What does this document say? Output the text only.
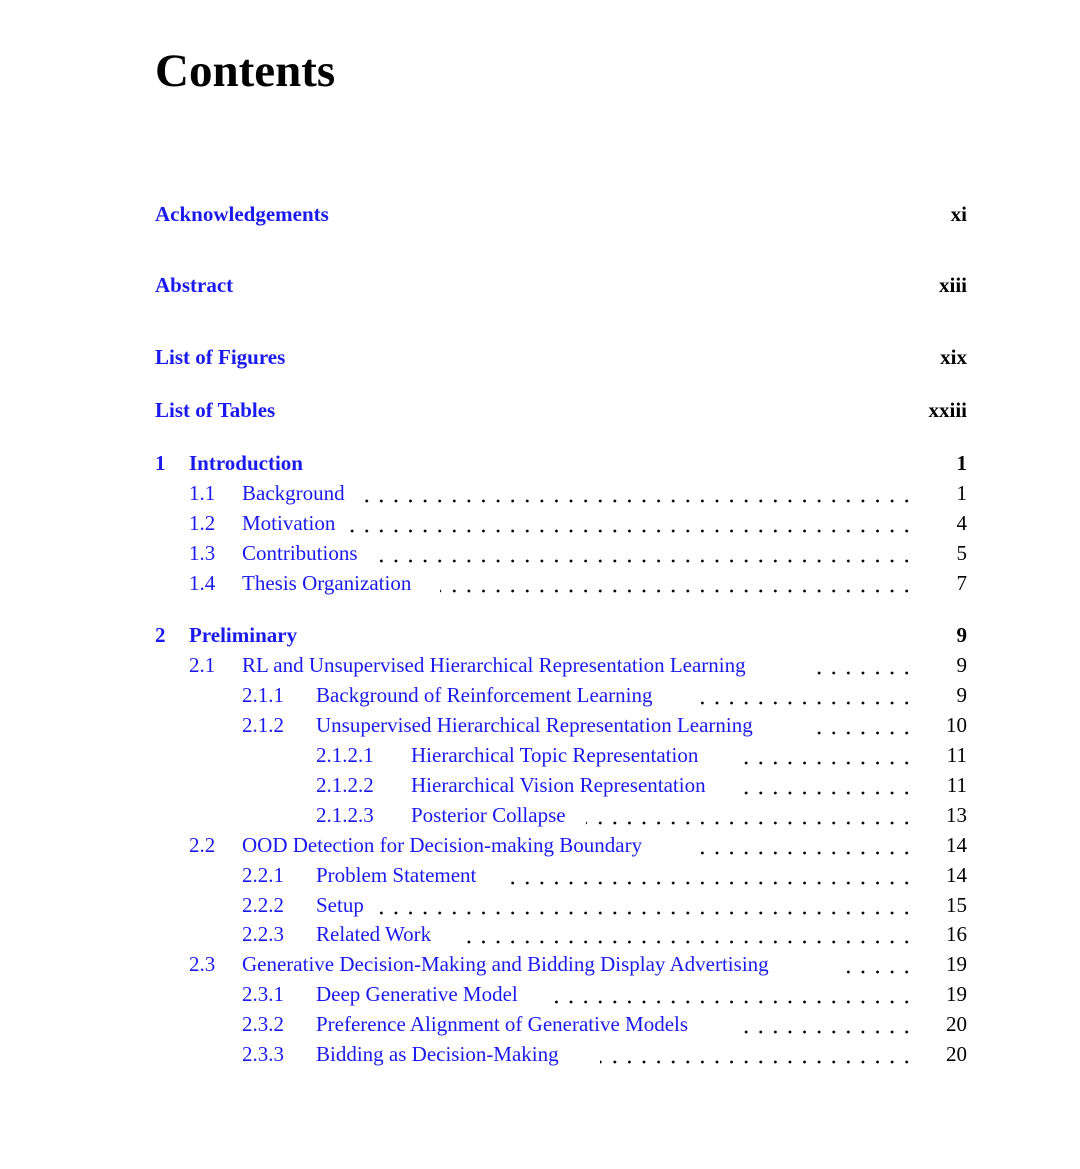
Contents
Acknowledgements	xi
Abstract	xiii
List of Figures	xix
List of Tables	xxiii
1 Introduction	1
1.1 Background	1
1.2 Motivation	4
1.3 Contributions	5
1.4 Thesis Organization	7
2 Preliminary	9
2.1 RL and Unsupervised Hierarchical Representation Learning	9
2.1.1 Background of Reinforcement Learning	9
2.1.2 Unsupervised Hierarchical Representation Learning	10
2.1.2.1 Hierarchical Topic Representation	11
2.1.2.2 Hierarchical Vision Representation	11
2.1.2.3 Posterior Collapse	13
2.2 OOD Detection for Decision-making Boundary	14
2.2.1 Problem Statement	14
2.2.2 Setup	15
2.2.3 Related Work	16
2.3 Generative Decision-Making and Bidding Display Advertising	19
2.3.1 Deep Generative Model	19
2.3.2 Preference Alignment of Generative Models	20
2.3.3 Bidding as Decision-Making	20
